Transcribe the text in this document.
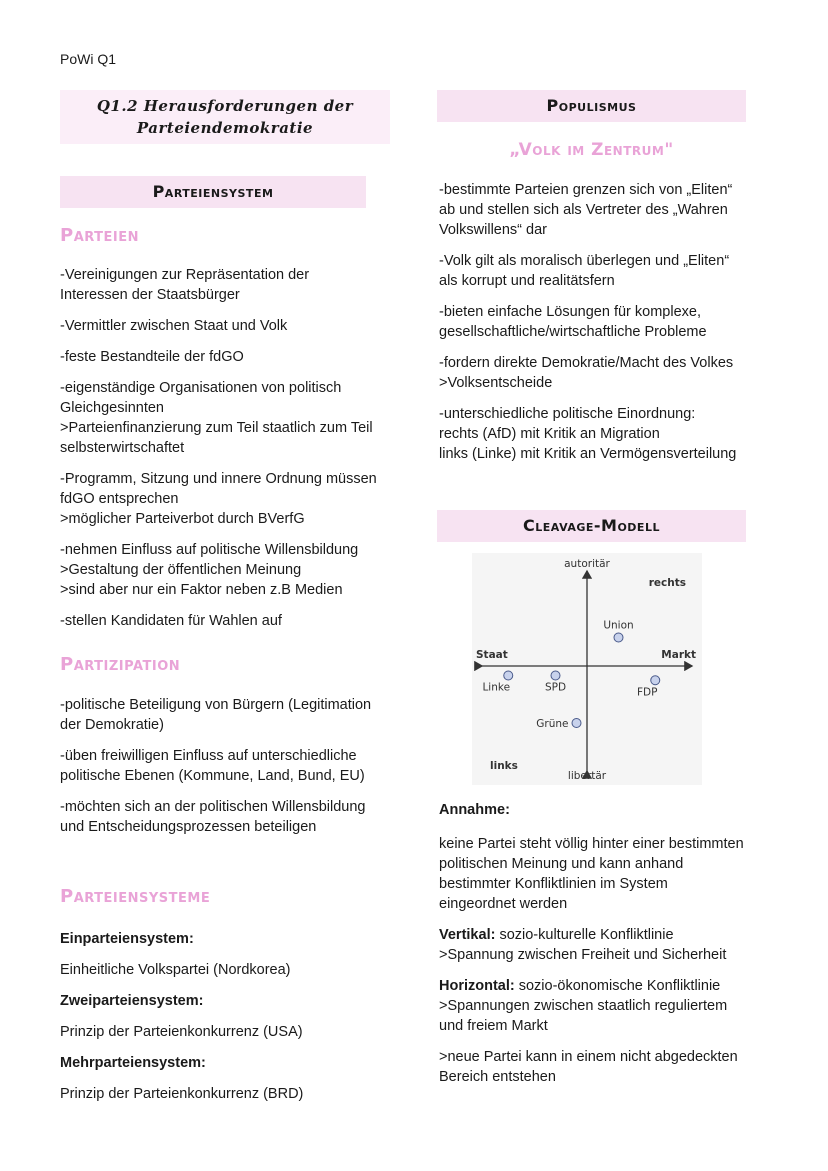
PoWi Q1
Q1.2 Herausforderungen der
Parteiendemokratie
Parteiensystem
Parteien

-Vereinigungen zur Repräsentation der
Interessen der Staatsbürger

-Vermittler zwischen Staat und Volk

-feste Bestandteile der fdGO

-eigenständige Organisationen von politisch
Gleichgesinnten
>Parteienfinanzierung zum Teil staatlich zum Teil
selbsterwirtschaftet

-Programm, Sitzung und innere Ordnung müssen
fdGO entsprechen
>möglicher Parteiverbot durch BVerfG

-nehmen Einfluss auf politische Willensbildung
>Gestaltung der öffentlichen Meinung
>sind aber nur ein Faktor neben z.B Medien

-stellen Kandidaten für Wahlen auf

Partizipation

-politische Beteiligung von Bürgern (Legitimation
der Demokratie)

-üben freiwilligen Einfluss auf unterschiedliche
politische Ebenen (Kommune, Land, Bund, EU)

-möchten sich an der politischen Willensbildung
und Entscheidungsprozessen beteiligen

Parteiensysteme

Einparteiensystem:

Einheitliche Volkspartei (Nordkorea)

Zweiparteiensystem:

Prinzip der Parteienkonkurrenz (USA)

Mehrparteiensystem:

Prinzip der Parteienkonkurrenz (BRD)

Populismus
„Volk im Zentrum"

-bestimmte Parteien grenzen sich von „Eliten“
ab und stellen sich als Vertreter des „Wahren
Volkswillens“ dar

-Volk gilt als moralisch überlegen und „Eliten“
als korrupt und realitätsfern

-bieten einfache Lösungen für komplexe,
gesellschaftliche/wirtschaftliche Probleme

-fordern direkte Demokratie/Macht des Volkes
>Volksentscheide

-unterschiedliche politische Einordnung:
rechts (AfD) mit Kritik an Migration
links (Linke) mit Kritik an Vermögensverteilung

Cleavage-Modell
autoritär
libertär
Staat	Markt
rechts
links
Union
Linke	SPD	FDP
Grüne

Annahme:

keine Partei steht völlig hinter einer bestimmten
politischen Meinung und kann anhand
bestimmter Konfliktlinien im System
eingeordnet werden

Vertikal: sozio-kulturelle Konfliktlinie
>Spannung zwischen Freiheit und Sicherheit

Horizontal: sozio-ökonomische Konfliktlinie
>Spannungen zwischen staatlich reguliertem
und freiem Markt

>neue Partei kann in einem nicht abgedeckten
Bereich entstehen
